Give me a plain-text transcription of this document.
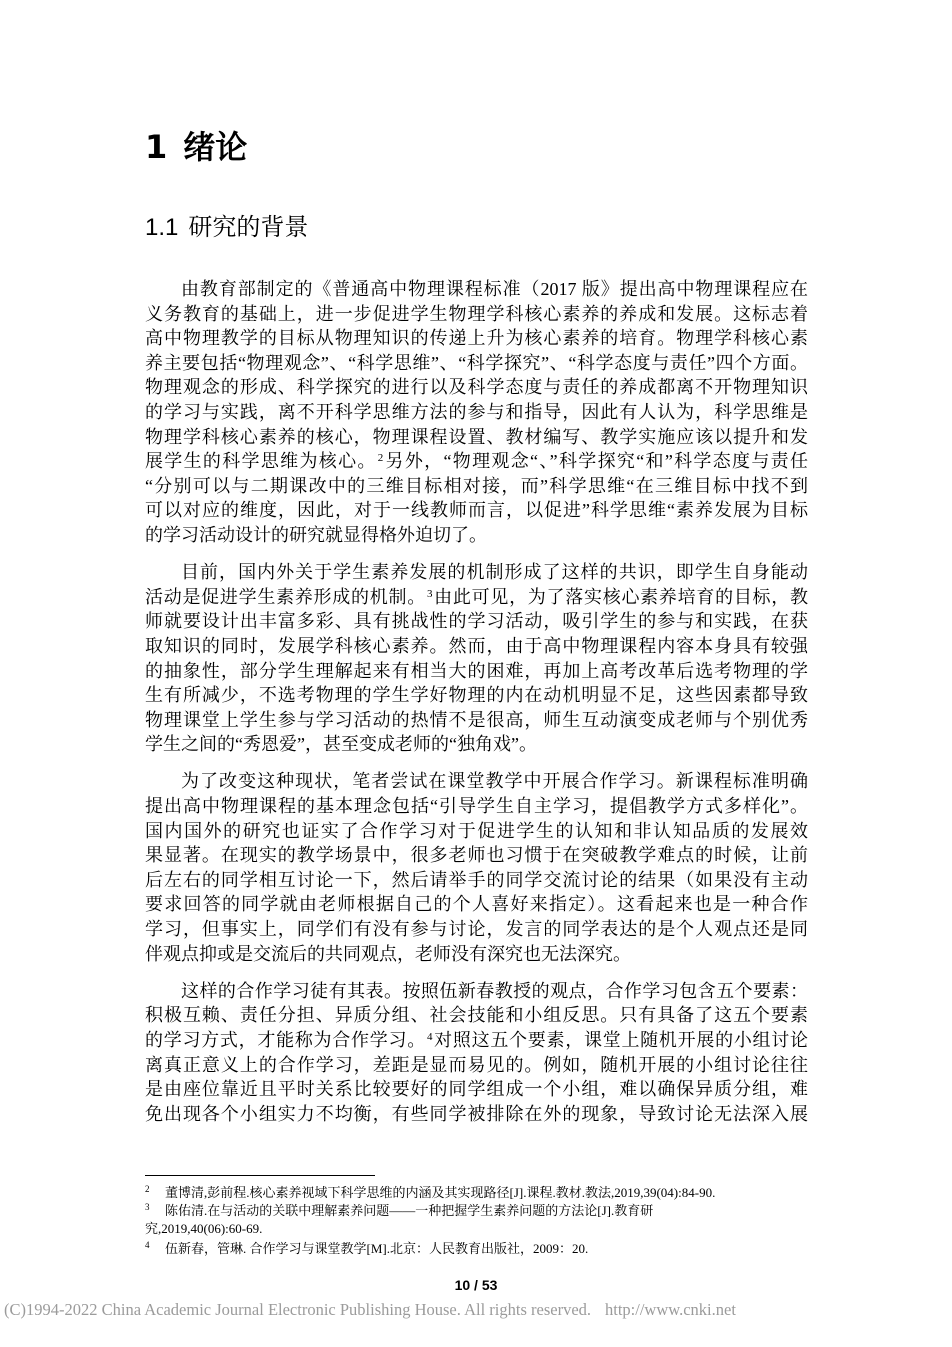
1 绪论
1.1 研究的背景
由教育部制定的《普通高中物理课程标准（2017 版》提出高中物理课程应在
义务教育的基础上，进一步促进学生物理学科核心素养的养成和发展。这标志着
高中物理教学的目标从物理知识的传递上升为核心素养的培育。物理学科核心素
养主要包括“物理观念”、“科学思维”、“科学探究”、“科学态度与责任”四个方面。
物理观念的形成、科学探究的进行以及科学态度与责任的养成都离不开物理知识
的学习与实践，离不开科学思维方法的参与和指导，因此有人认为，科学思维是
物理学科核心素养的核心，物理课程设置、教材编写、教学实施应该以提升和发
展学生的科学思维为核心。$^2$另外，“物理观念“、”科学探究“和”科学态度与责任
“分别可以与二期课改中的三维目标相对接，而”科学思维“在三维目标中找不到
可以对应的维度，因此，对于一线教师而言，以促进”科学思维“素养发展为目标
的学习活动设计的研究就显得格外迫切了。
目前，国内外关于学生素养发展的机制形成了这样的共识，即学生自身能动
活动是促进学生素养形成的机制。$^3$由此可见，为了落实核心素养培育的目标，教
师就要设计出丰富多彩、具有挑战性的学习活动，吸引学生的参与和实践，在获
取知识的同时，发展学科核心素养。然而，由于高中物理课程内容本身具有较强
的抽象性，部分学生理解起来有相当大的困难，再加上高考改革后选考物理的学
生有所减少，不选考物理的学生学好物理的内在动机明显不足，这些因素都导致
物理课堂上学生参与学习活动的热情不是很高，师生互动演变成老师与个别优秀
学生之间的“秀恩爱”，甚至变成老师的“独角戏”。
为了改变这种现状，笔者尝试在课堂教学中开展合作学习。新课程标准明确
提出高中物理课程的基本理念包括“引导学生自主学习，提倡教学方式多样化”。
国内国外的研究也证实了合作学习对于促进学生的认知和非认知品质的发展效
果显著。在现实的教学场景中，很多老师也习惯于在突破教学难点的时候，让前
后左右的同学相互讨论一下，然后请举手的同学交流讨论的结果（如果没有主动
要求回答的同学就由老师根据自己的个人喜好来指定）。这看起来也是一种合作
学习，但事实上，同学们有没有参与讨论，发言的同学表达的是个人观点还是同
伴观点抑或是交流后的共同观点，老师没有深究也无法深究。
这样的合作学习徒有其表。按照伍新春教授的观点，合作学习包含五个要素：
积极互赖、责任分担、异质分组、社会技能和小组反思。只有具备了这五个要素
的学习方式，才能称为合作学习。$^4$对照这五个要素，课堂上随机开展的小组讨论
离真正意义上的合作学习，差距是显而易见的。例如，随机开展的小组讨论往往
是由座位靠近且平时关系比较要好的同学组成一个小组，难以确保异质分组，难
免出现各个小组实力不均衡，有些同学被排除在外的现象，导致讨论无法深入展
2 董博清,彭前程.核心素养视域下科学思维的内涵及其实现路径[J].课程.教材.教法,2019,39(04):84-90.
3 陈佑清.在与活动的关联中理解素养问题——一种把握学生素养问题的方法论[J].教育研
究,2019,40(06):60-69.
4 伍新春，管琳. 合作学习与课堂教学[M].北京：人民教育出版社，2009：20.
10 / 53
(C)1994-2022 China Academic Journal Electronic Publishing House. All rights reserved. http://www.cnki.net
